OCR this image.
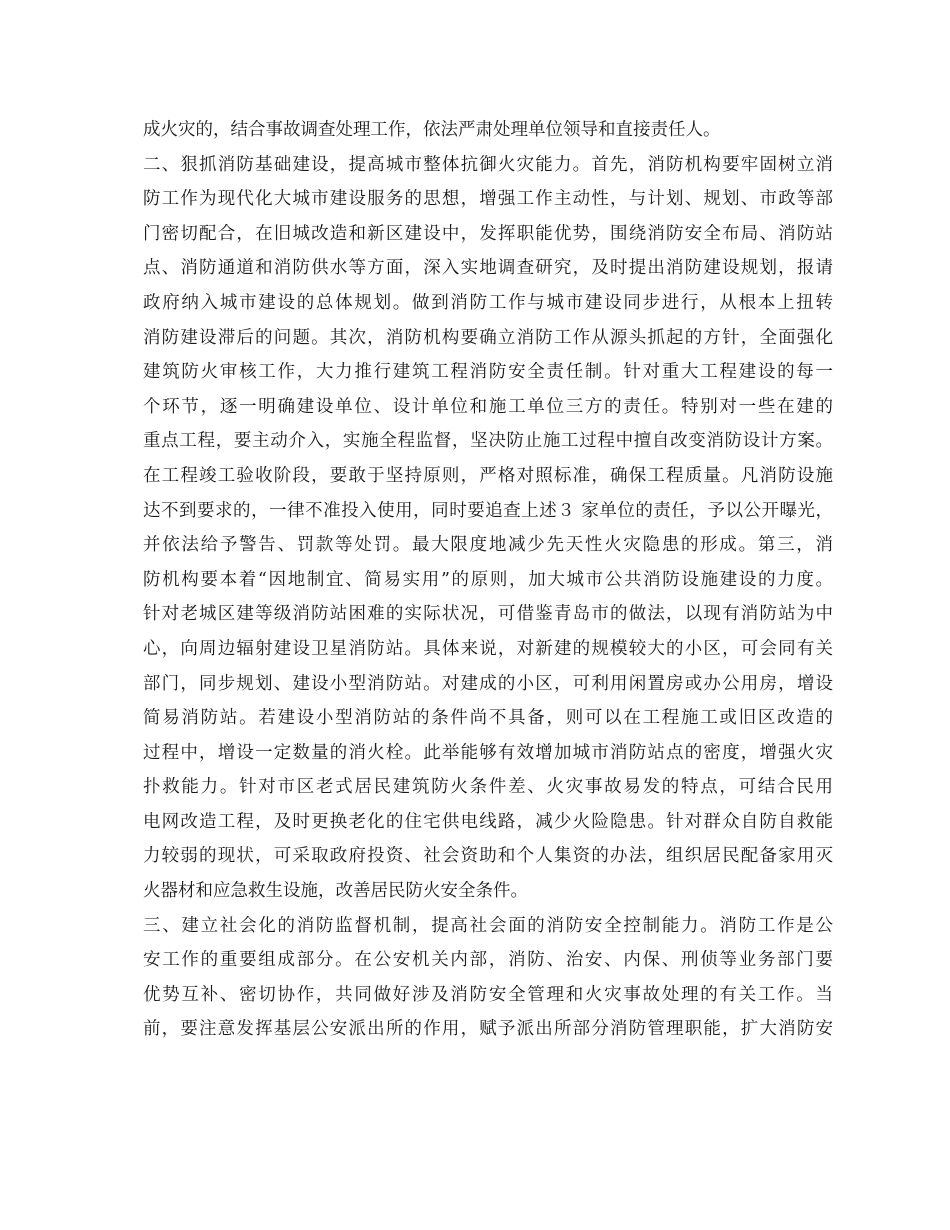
成火灾的，结合事故调查处理工作，依法严肃处理单位领导和直接责任人。
二、狠抓消防基础建设，提高城市整体抗御火灾能力。首先，消防机构要牢固树立消
防工作为现代化大城市建设服务的思想，增强工作主动性，与计划、规划、市政等部
门密切配合，在旧城改造和新区建设中，发挥职能优势，围绕消防安全布局、消防站
点、消防通道和消防供水等方面，深入实地调查研究，及时提出消防建设规划，报请
政府纳入城市建设的总体规划。做到消防工作与城市建设同步进行，从根本上扭转
消防建设滞后的问题。其次，消防机构要确立消防工作从源头抓起的方针，全面强化
建筑防火审核工作，大力推行建筑工程消防安全责任制。针对重大工程建设的每一
个环节，逐一明确建设单位、设计单位和施工单位三方的责任。特别对一些在建的
重点工程，要主动介入，实施全程监督，坚决防止施工过程中擅自改变消防设计方案。
在工程竣工验收阶段，要敢于坚持原则，严格对照标准，确保工程质量。凡消防设施
达不到要求的，一律不准投入使用，同时要追查上述３ 家单位的责任，予以公开曝光，
并依法给予警告、罚款等处罚。最大限度地减少先天性火灾隐患的形成。第三，消
防机构要本着“因地制宜、简易实用”的原则，加大城市公共消防设施建设的力度。
针对老城区建等级消防站困难的实际状况，可借鉴青岛市的做法，以现有消防站为中
心，向周边辐射建设卫星消防站。具体来说，对新建的规模较大的小区，可会同有关
部门，同步规划、建设小型消防站。对建成的小区，可利用闲置房或办公用房，增设
简易消防站。若建设小型消防站的条件尚不具备，则可以在工程施工或旧区改造的
过程中，增设一定数量的消火栓。此举能够有效增加城市消防站点的密度，增强火灾
扑救能力。针对市区老式居民建筑防火条件差、火灾事故易发的特点，可结合民用
电网改造工程，及时更换老化的住宅供电线路，减少火险隐患。针对群众自防自救能
力较弱的现状，可采取政府投资、社会资助和个人集资的办法，组织居民配备家用灭
火器材和应急救生设施，改善居民防火安全条件。
三、建立社会化的消防监督机制，提高社会面的消防安全控制能力。消防工作是公
安工作的重要组成部分。在公安机关内部，消防、治安、内保、刑侦等业务部门要
优势互补、密切协作，共同做好涉及消防安全管理和火灾事故处理的有关工作。当
前，要注意发挥基层公安派出所的作用，赋予派出所部分消防管理职能，扩大消防安
